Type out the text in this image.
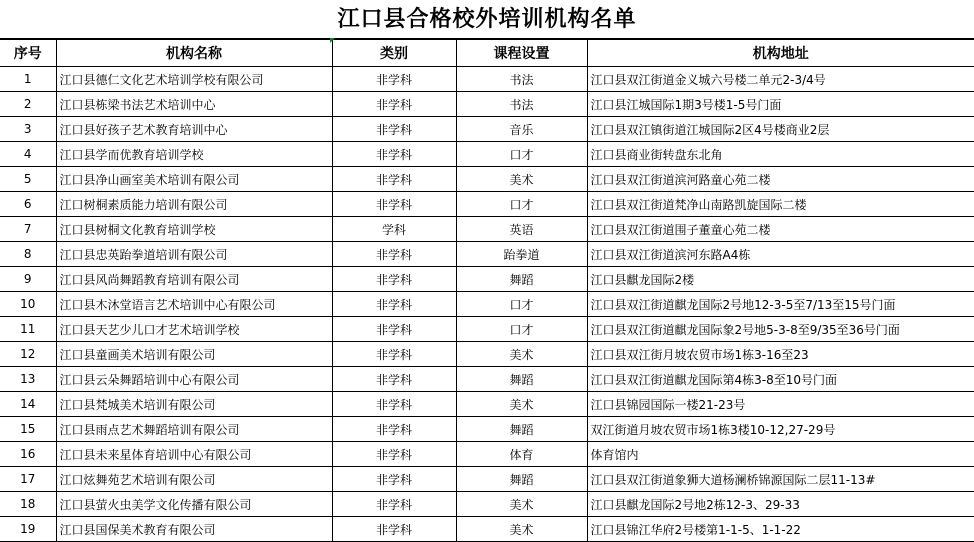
江口县合格校外培训机构名单
序号	机构名称	类别	课程设置	机构地址
1	江口县德仁文化艺术培训学校有限公司	非学科	书法	江口县双江街道金义城六号楼二单元2-3/4号
2	江口县栋梁书法艺术培训中心	非学科	书法	江口县江城国际1期3号楼1-5号门面
3	江口县好孩子艺术教育培训中心	非学科	音乐	江口县双江镇街道江城国际2区4号楼商业2层
4	江口县学而优教育培训学校	非学科	口才	江口县商业街转盘东北角
5	江口县净山画室美术培训有限公司	非学科	美术	江口县双江街道滨河路童心苑二楼
6	江口树桐素质能力培训有限公司	非学科	口才	江口县双江街道梵净山南路凯旋国际二楼
7	江口县树桐文化教育培训学校	学科	英语	江口县双江街道围子董童心苑二楼
8	江口县忠英跆拳道培训有限公司	非学科	跆拳道	江口县双江街道滨河东路A4栋
9	江口县风尚舞蹈教育培训有限公司	非学科	舞蹈	江口县麒龙国际2楼
10	江口县木沐堂语言艺术培训中心有限公司	非学科	口才	江口县双江街道麒龙国际2号地12-3-5至7/13至15号门面
11	江口县天艺少儿口才艺术培训学校	非学科	口才	江口县双江街道麒龙国际象2号地5-3-8至9/35至36号门面
12	江口县童画美术培训有限公司	非学科	美术	江口县双江街月坡农贸市场1栋3-16至23
13	江口县云朵舞蹈培训中心有限公司	非学科	舞蹈	江口县双江街道麒龙国际第4栋3-8至10号门面
14	江口县梵城美术培训有限公司	非学科	美术	江口县锦园国际一楼21-23号
15	江口县雨点艺术舞蹈培训有限公司	非学科	舞蹈	双江街道月坡农贸市场1栋3楼10-12,27-29号
16	江口县未来星体育培训中心有限公司	非学科	体育	体育馆内
17	江口炫舞苑艺术培训有限公司	非学科	舞蹈	江口县双江街道象狮大道杨澜桥锦源国际二层11-13#
18	江口县萤火虫美学文化传播有限公司	非学科	美术	江口县麒龙国际2号地2栋12-3、29-33
19	江口县国保美术教育有限公司	非学科	美术	江口县锦江华府2号楼第1-1-5、1-1-22
